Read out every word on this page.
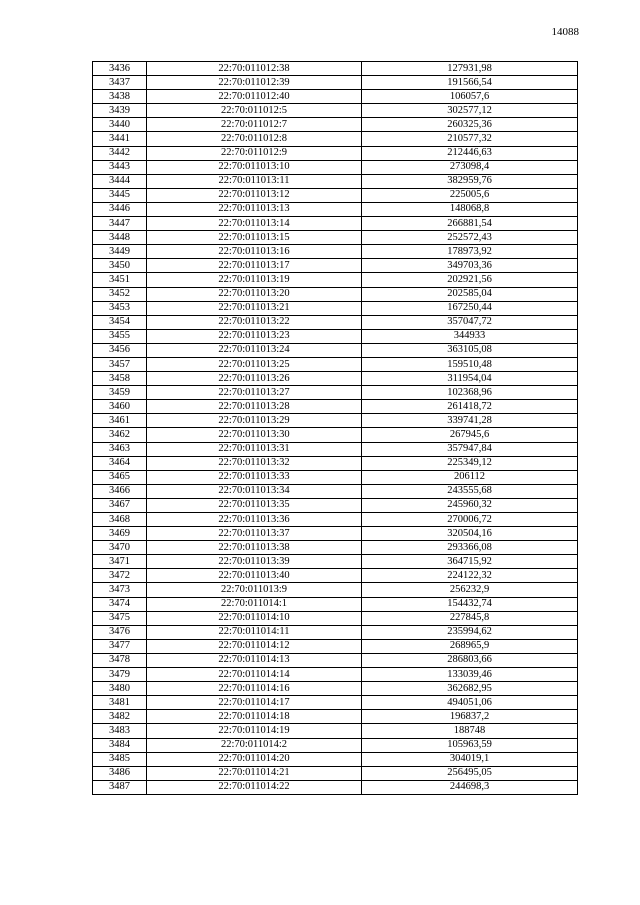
14088
3436	22:70:011012:38	127931,98
3437	22:70:011012:39	191566,54
3438	22:70:011012:40	106057,6
3439	22:70:011012:5	302577,12
3440	22:70:011012:7	260325,36
3441	22:70:011012:8	210577,32
3442	22:70:011012:9	212446,63
3443	22:70:011013:10	273098,4
3444	22:70:011013:11	382959,76
3445	22:70:011013:12	225005,6
3446	22:70:011013:13	148068,8
3447	22:70:011013:14	266881,54
3448	22:70:011013:15	252572,43
3449	22:70:011013:16	178973,92
3450	22:70:011013:17	349703,36
3451	22:70:011013:19	202921,56
3452	22:70:011013:20	202585,04
3453	22:70:011013:21	167250,44
3454	22:70:011013:22	357047,72
3455	22:70:011013:23	344933
3456	22:70:011013:24	363105,08
3457	22:70:011013:25	159510,48
3458	22:70:011013:26	311954,04
3459	22:70:011013:27	102368,96
3460	22:70:011013:28	261418,72
3461	22:70:011013:29	339741,28
3462	22:70:011013:30	267945,6
3463	22:70:011013:31	357947,84
3464	22:70:011013:32	225349,12
3465	22:70:011013:33	206112
3466	22:70:011013:34	243555,68
3467	22:70:011013:35	245960,32
3468	22:70:011013:36	270006,72
3469	22:70:011013:37	320504,16
3470	22:70:011013:38	293366,08
3471	22:70:011013:39	364715,92
3472	22:70:011013:40	224122,32
3473	22:70:011013:9	256232,9
3474	22:70:011014:1	154432,74
3475	22:70:011014:10	227845,8
3476	22:70:011014:11	235994,62
3477	22:70:011014:12	268965,9
3478	22:70:011014:13	286803,66
3479	22:70:011014:14	133039,46
3480	22:70:011014:16	362682,95
3481	22:70:011014:17	494051,06
3482	22:70:011014:18	196837,2
3483	22:70:011014:19	188748
3484	22:70:011014:2	105963,59
3485	22:70:011014:20	304019,1
3486	22:70:011014:21	256495,05
3487	22:70:011014:22	244698,3
